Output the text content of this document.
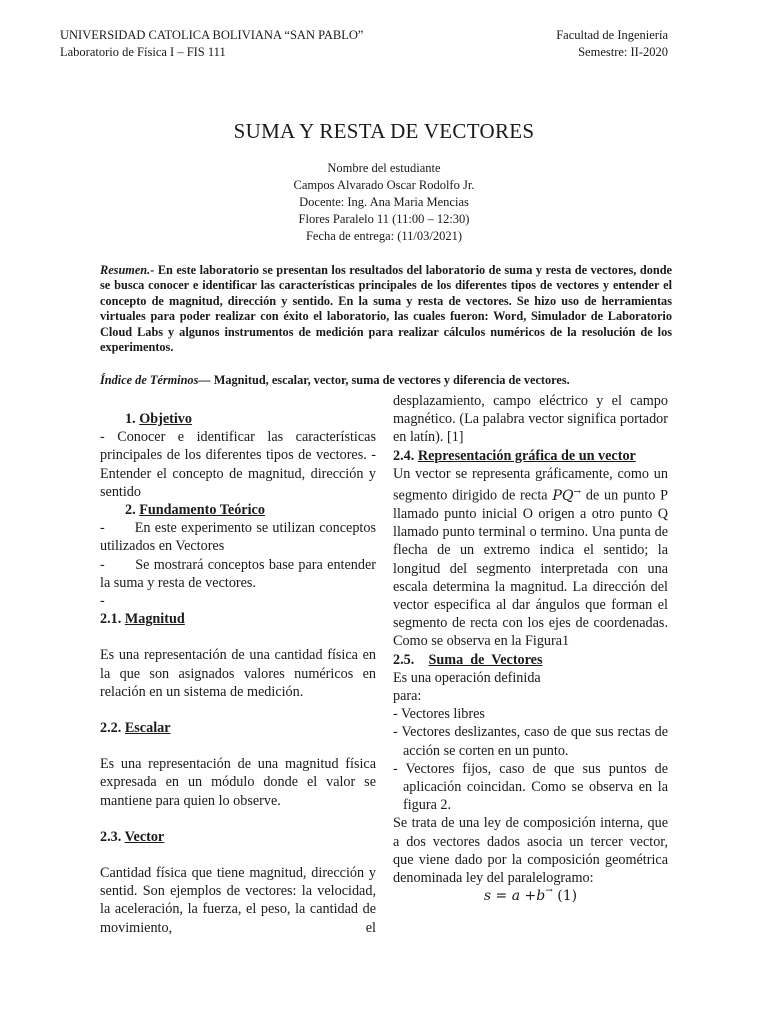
UNIVERSIDAD CATOLICA BOLIVIANA “SAN PABLO”
Laboratorio de Física I – FIS 111
Facultad de Ingeniería
Semestre: II-2020
SUMA Y RESTA DE VECTORES
Nombre del estudiante
Campos Alvarado Oscar Rodolfo Jr.
Docente: Ing. Ana Maria Mencias
Flores Paralelo 11 (11:00 – 12:30)
Fecha de entrega: (11/03/2021)
Resumen.- En este laboratorio se presentan los resultados del laboratorio de suma y resta de vectores, donde se busca conocer e identificar las características principales de los diferentes tipos de vectores y entender el concepto de magnitud, dirección y sentido. En la suma y resta de vectores. Se hizo uso de herramientas virtuales para poder realizar con éxito el laboratorio, las cuales fueron: Word, Simulador de Laboratorio Cloud Labs y algunos instrumentos de medición para realizar cálculos numéricos de la resolución de los experimentos.
Índice de Términos— Magnitud, escalar, vector, suma de vectores y diferencia de vectores.

1. Objetivo

- Conocer e identificar las características principales de los diferentes tipos de vectores. - Entender el concepto de magnitud, dirección y sentido

2. Fundamento Teórico

-       En este experimento se utilizan conceptos utilizados en Vectores

-       Se mostrará conceptos base para entender la suma y resta de vectores.

-

2.1. Magnitud

Es una representación de una cantidad física en la que son asignados valores numéricos en relación en un sistema de medición.

2.2. Escalar

Es una representación de una magnitud física expresada en un módulo donde el valor se mantiene para quien lo observe.

2.3. Vector

Cantidad física que tiene magnitud, dirección y sentid. Son ejemplos de vectores: la velocidad, la aceleración, la fuerza, el peso, la cantidad de movimiento, el

desplazamiento, campo eléctrico y el campo magnético. (La palabra vector significa portador en latín). [1]

2.4. Representación gráfica de un vector

Un vector se representa gráficamente, como un segmento dirigido de recta PQ→ de un punto P llamado punto inicial O origen a otro punto Q llamado punto terminal o termino. Una punta de flecha de un extremo indica el sentido; la longitud del segmento interpretada con una escala determina la magnitud. La dirección del vector especifica al dar ángulos que forman el segmento de recta con los ejes de coordenadas. Como se observa en la Figura1

2.5.    Suma  de  Vectores

Es una operación definida

para:

- Vectores libres

- Vectores deslizantes, caso de que sus rectas de acción se corten en un punto.

- Vectores fijos, caso de que sus puntos de aplicación coincidan. Como se observa en la figura 2.

Se trata de una ley de composición interna, que a dos vectores dados asocia un tercer vector, que viene dado por la composición geométrica denominada ley del paralelogramo:

s = a +b→ (1)
